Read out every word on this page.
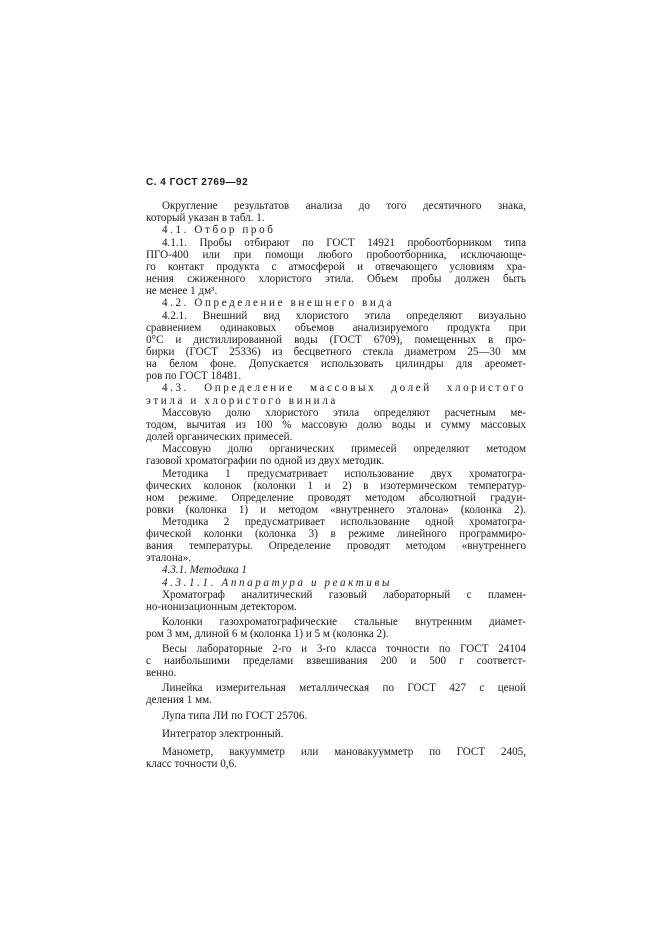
С. 4 ГОСТ 2769—92
Округление результатов анализа до того десятичного знака,
который указан в табл. 1.
4.1. Отбор проб
4.1.1. Пробы отбирают по ГОСТ 14921 пробоотборником типа
ПГО-400 или при помощи любого пробоотборника, исключающе-
го контакт продукта с атмосферой и отвечающего условиям хра-
нения сжиженного хлористого этила. Объем пробы должен быть
не менее 1 дм³.
4.2. Определение внешнего вида
4.2.1. Внешний вид хлористого этила определяют визуально
сравнением одинаковых объемов анализируемого продукта при
0°С и дистиллированной воды (ГОСТ 6709), помещенных в про-
бирки (ГОСТ 25336) из бесцветного стекла диаметром 25—30 мм
на белом фоне. Допускается использовать цилиндры для ареомет-
ров по ГОСТ 18481.
4.3. Определение массовых долей хлористого
этила и хлористого винила
Массовую долю хлористого этила определяют расчетным ме-
тодом, вычитая из 100 % массовую долю воды и сумму массовых
долей органических примесей.
Массовую долю органических примесей определяют методом
газовой хроматографии по одной из двух методик.
Методика 1 предусматривает использование двух хроматогра-
фических колонок (колонки 1 и 2) в изотермическом температур-
ном режиме. Определение проводят методом абсолютной градуи-
ровки (колонка 1) и методом «внутреннего эталона» (колонка 2).
Методика 2 предусматривает использование одной хроматогра-
фической колонки (колонка 3) в режиме линейного программиро-
вания температуры. Определение проводят методом «внутреннего
эталона».
4.3.1. Методика 1
4.3.1.1. Аппаратура и реактивы
Хроматограф аналитический газовый лабораторный с пламен-
но-ионизационным детектором.
Колонки газохроматографические стальные внутренним диамет-
ром 3 мм, длиной 6 м (колонка 1) и 5 м (колонка 2).
Весы лабораторные 2-го и 3-го класса точности по ГОСТ 24104
с наибольшими пределами взвешивания 200 и 500 г соответст-
венно.
Линейка измерительная металлическая по ГОСТ 427 с ценой
деления 1 мм.
Лупа типа ЛИ по ГОСТ 25706.
Интегратор электронный.
Манометр, вакуумметр или мановакуумметр по ГОСТ 2405,
класс точности 0,6.
